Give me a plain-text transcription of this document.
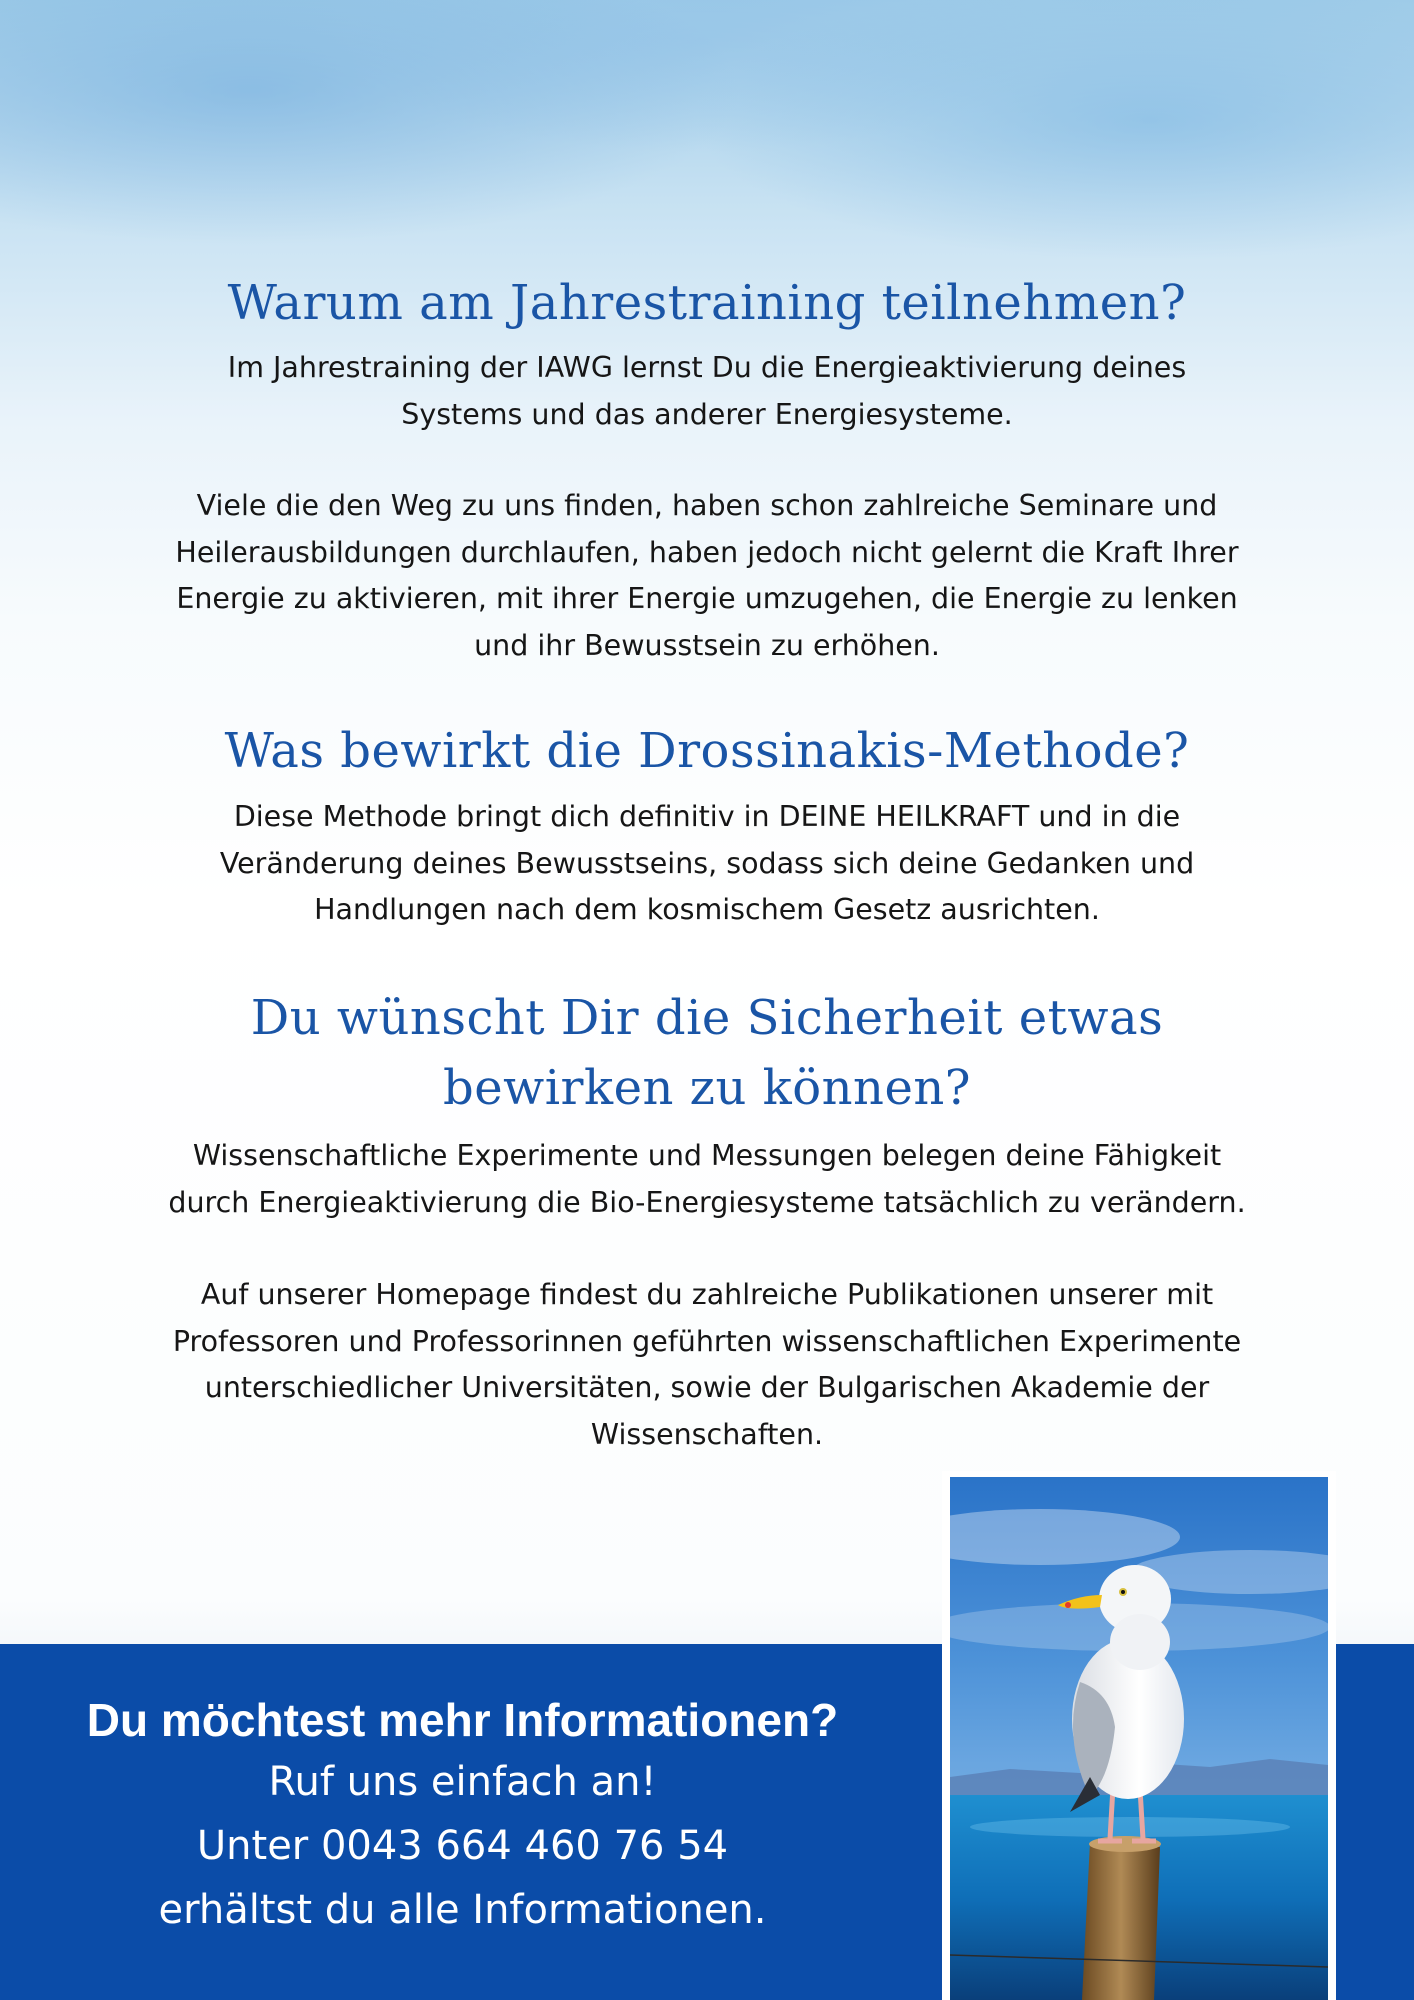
Warum am Jahrestraining teilnehmen?

Im Jahrestraining der IAWG lernst Du die Energieaktivierung deines

Systems und das anderer Energiesysteme.

Viele die den Weg zu uns finden, haben schon zahlreiche Seminare und

Heilerausbildungen durchlaufen, haben jedoch nicht gelernt die Kraft Ihrer

Energie zu aktivieren, mit ihrer Energie umzugehen, die Energie zu lenken

und ihr Bewusstsein zu erhöhen.

Was bewirkt die Drossinakis-Methode?

Diese Methode bringt dich definitiv in DEINE HEILKRAFT und in die

Veränderung deines Bewusstseins, sodass sich deine Gedanken und

Handlungen nach dem kosmischem Gesetz ausrichten.

Du wünscht Dir die Sicherheit etwas
bewirken zu können?

Wissenschaftliche Experimente und Messungen belegen deine Fähigkeit

durch Energieaktivierung die Bio-Energiesysteme tatsächlich zu verändern.

Auf unserer Homepage findest du zahlreiche Publikationen unserer mit

Professoren und Professorinnen geführten wissenschaftlichen Experimente

unterschiedlicher Universitäten, sowie der Bulgarischen Akademie der

Wissenschaften.

Du möchtest mehr Informationen?

Ruf uns einfach an!

Unter 0043 664 460 76 54

erhältst du alle Informationen.
